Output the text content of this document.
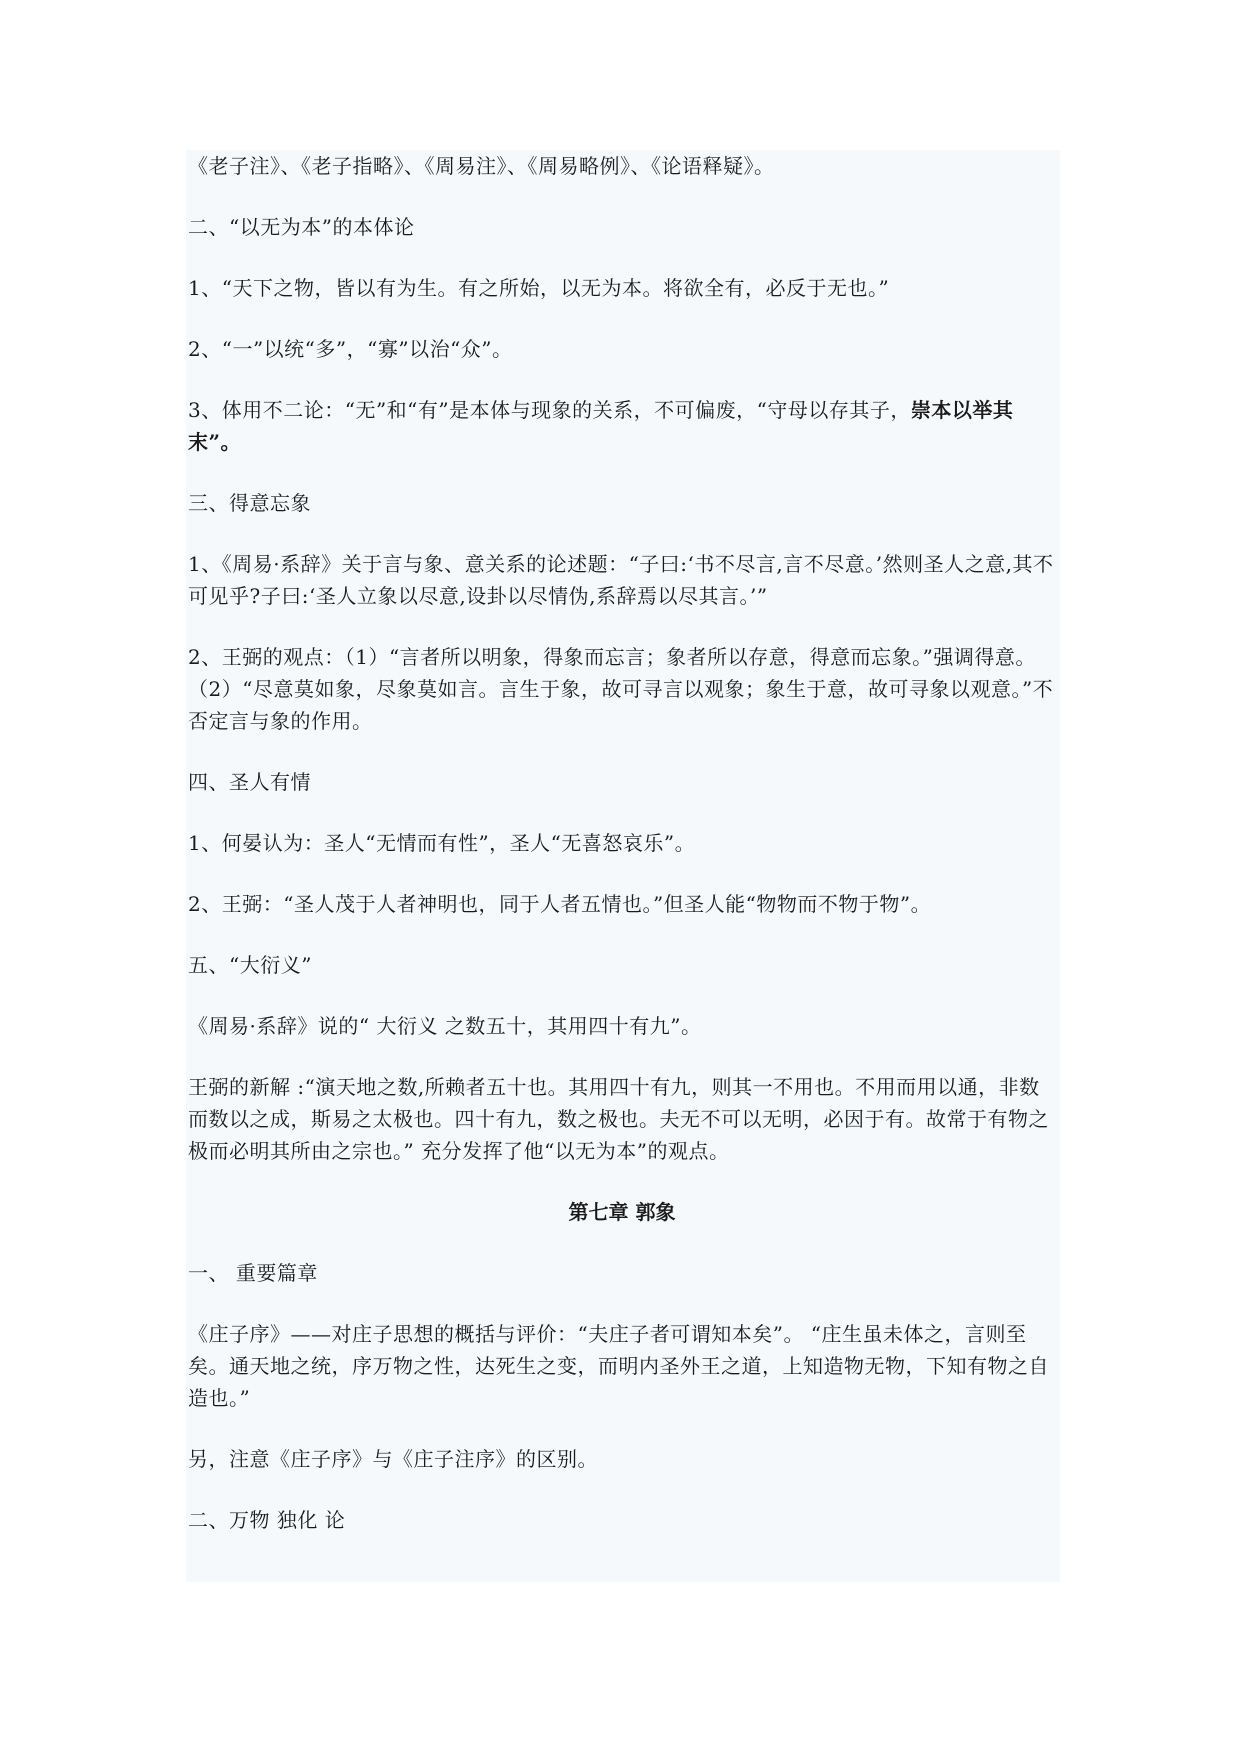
《老子注》、《老子指略》、《周易注》、《周易略例》、《论语释疑》。

二、“以无为本”的本体论

1、“天下之物，皆以有为生。有之所始，以无为本。将欲全有，必反于无也。”

2、“一”以统“多”，“寡”以治“众”。

3、体用不二论：“无”和“有”是本体与现象的关系，不可偏废，“守母以存其子，崇本以举其末”。

三、得意忘象

1、《周易·系辞》关于言与象、意关系的论述题：“子曰:‘书不尽言,言不尽意。’然则圣人之意,其不可见乎?子曰:‘圣人立象以尽意,设卦以尽情伪,系辞焉以尽其言。’”

2、王弼的观点：（1）“言者所以明象，得象而忘言；象者所以存意，得意而忘象。”强调得意。（2）“尽意莫如象，尽象莫如言。言生于象，故可寻言以观象；象生于意，故可寻象以观意。”不否定言与象的作用。

四、圣人有情

1、何晏认为：圣人“无情而有性”，圣人“无喜怒哀乐”。

2、王弼：“圣人茂于人者神明也，同于人者五情也。”但圣人能“物物而不物于物”。

五、“大衍义”

《周易·系辞》说的“ 大衍义 之数五十，其用四十有九”。

王弼的新解 :“演天地之数,所赖者五十也。其用四十有九，则其一不用也。不用而用以通，非数而数以之成，斯易之太极也。四十有九，数之极也。夫无不可以无明，必因于有。故常于有物之极而必明其所由之宗也。” 充分发挥了他“以无为本”的观点。

第七章 郭象

一、 重要篇章

《庄子序》——对庄子思想的概括与评价：“夫庄子者可谓知本矣”。 “庄生虽未体之，言则至矣。通天地之统，序万物之性，达死生之变，而明内圣外王之道，上知造物无物，下知有物之自造也。”

另，注意《庄子序》与《庄子注序》的区别。

二、万物 独化 论
